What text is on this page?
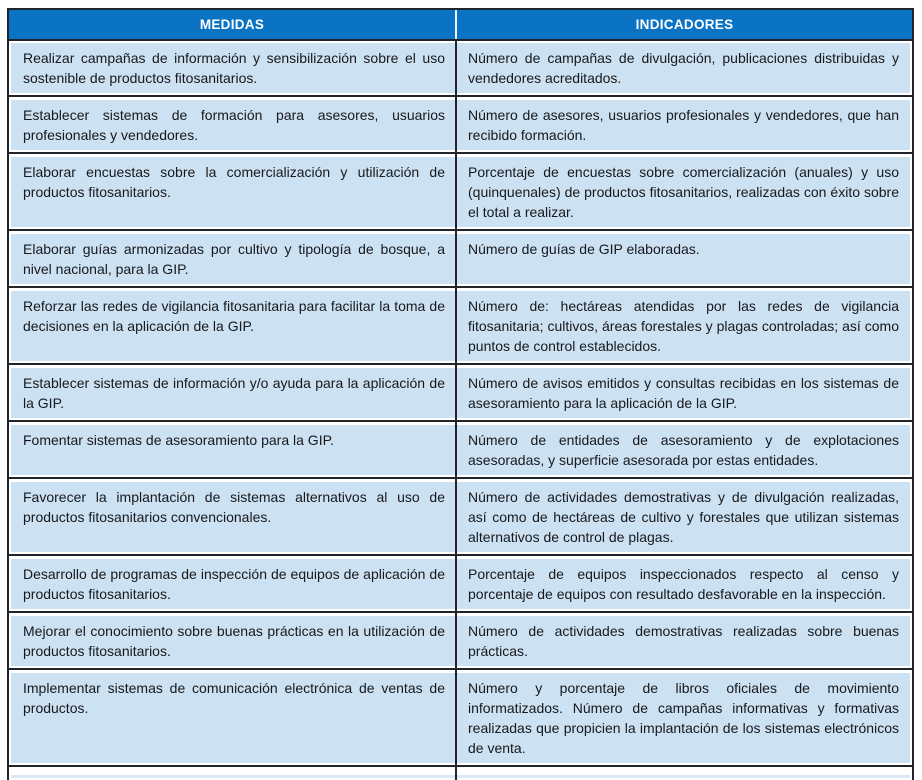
MEDIDAS	INDICADORES
Realizar campañas de información y sensibilización sobre el uso sostenible de productos fitosanitarios.
Número de campañas de divulgación, publicaciones distribuidas y vendedores acreditados.
Establecer sistemas de formación para asesores, usuarios profesionales y vendedores.
Número de asesores, usuarios profesionales y vendedores, que han recibido formación.
Elaborar encuestas sobre la comercialización y utilización de productos fitosanitarios.
Porcentaje de encuestas sobre comercialización (anuales) y uso (quinquenales) de productos fitosanitarios, realizadas con éxito sobre el total a realizar.
Elaborar guías armonizadas por cultivo y tipología de bosque, a nivel nacional, para la GIP.
Número de guías de GIP elaboradas.
Reforzar las redes de vigilancia fitosanitaria para facilitar la toma de decisiones en la aplicación de la GIP.
Número de: hectáreas atendidas por las redes de vigilancia fitosanitaria; cultivos, áreas forestales y plagas controladas; así como puntos de control establecidos.
Establecer sistemas de información y/o ayuda para la aplicación de la GIP.
Número de avisos emitidos y consultas recibidas en los sistemas de asesoramiento para la aplicación de la GIP.
Fomentar sistemas de asesoramiento para la GIP.	Número de entidades de asesoramiento y de explotaciones asesoradas, y superficie asesorada por estas entidades.
Favorecer la implantación de sistemas alternativos al uso de productos fitosanitarios convencionales.
Número de actividades demostrativas y de divulgación realizadas, así como de hectáreas de cultivo y forestales que utilizan sistemas alternativos de control de plagas.
Desarrollo de programas de inspección de equipos de aplicación de productos fitosanitarios.
Porcentaje de equipos inspeccionados respecto al censo y porcentaje de equipos con resultado desfavorable en la inspección.
Mejorar el conocimiento sobre buenas prácticas en la utilización de productos fitosanitarios.
Número de actividades demostrativas realizadas sobre buenas prácticas.
Implementar sistemas de comunicación electrónica de ventas de productos.
Número y porcentaje de libros oficiales de movimiento informatizados. Número de campañas informativas y formativas realizadas que propicien la implantación de los sistemas electrónicos de venta.
